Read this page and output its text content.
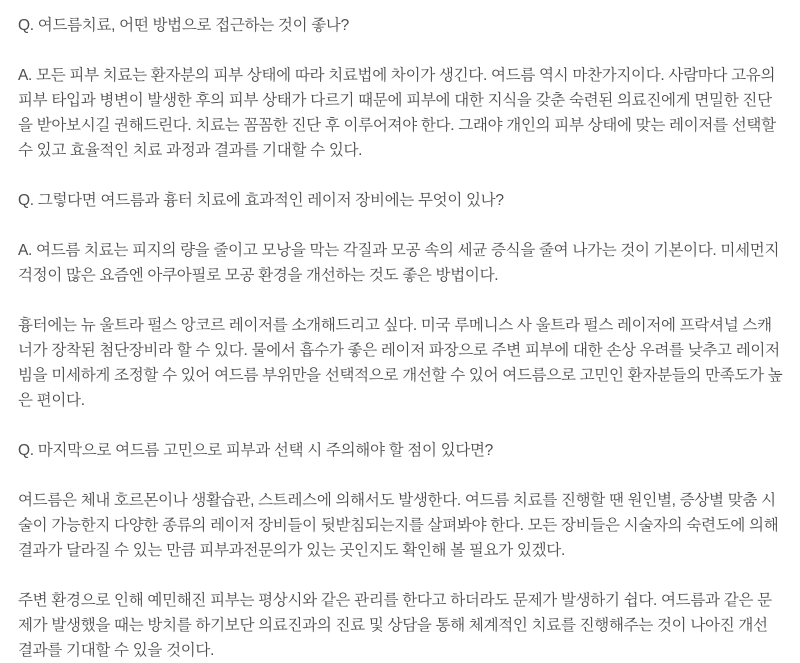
Q. 여드름치료, 어떤 방법으로 접근하는 것이 좋나?

A. 모든 피부 치료는 환자분의 피부 상태에 따라 치료법에 차이가 생긴다. 여드름 역시 마찬가지이다. 사람마다 고유의 피부 타입과 병변이 발생한 후의 피부 상태가 다르기 때문에 피부에 대한 지식을 갖춘 숙련된 의료진에게 면밀한 진단을 받아보시길 권해드린다. 치료는 꼼꼼한 진단 후 이루어져야 한다. 그래야 개인의 피부 상태에 맞는 레이저를 선택할 수 있고 효율적인 치료 과정과 결과를 기대할 수 있다.

Q. 그렇다면 여드름과 흉터 치료에 효과적인 레이저 장비에는 무엇이 있나?

A. 여드름 치료는 피지의 량을 줄이고 모낭을 막는 각질과 모공 속의 세균 증식을 줄여 나가는 것이 기본이다. 미세먼지 걱정이 많은 요즘엔 아쿠아필로 모공 환경을 개선하는 것도 좋은 방법이다.

흉터에는 뉴 울트라 펄스 앙코르 레이저를 소개해드리고 싶다. 미국 루메니스 사 울트라 펄스 레이저에 프락셔널 스캐너가 장착된 첨단장비라 할 수 있다. 물에서 흡수가 좋은 레이저 파장으로 주변 피부에 대한 손상 우려를 낮추고 레이저 빔을 미세하게 조정할 수 있어 여드름 부위만을 선택적으로 개선할 수 있어 여드름으로 고민인 환자분들의 만족도가 높은 편이다.

Q. 마지막으로 여드름 고민으로 피부과 선택 시 주의해야 할 점이 있다면?

여드름은 체내 호르몬이나 생활습관, 스트레스에 의해서도 발생한다. 여드름 치료를 진행할 땐 원인별, 증상별 맞춤 시술이 가능한지 다양한 종류의 레이저 장비들이 뒷받침되는지를 살펴봐야 한다. 모든 장비들은 시술자의 숙련도에 의해 결과가 달라질 수 있는 만큼 피부과전문의가 있는 곳인지도 확인해 볼 필요가 있겠다.

주변 환경으로 인해 예민해진 피부는 평상시와 같은 관리를 한다고 하더라도 문제가 발생하기 쉽다. 여드름과 같은 문제가 발생했을 때는 방치를 하기보단 의료진과의 진료 및 상담을 통해 체계적인 치료를 진행해주는 것이 나아진 개선 결과를 기대할 수 있을 것이다.
